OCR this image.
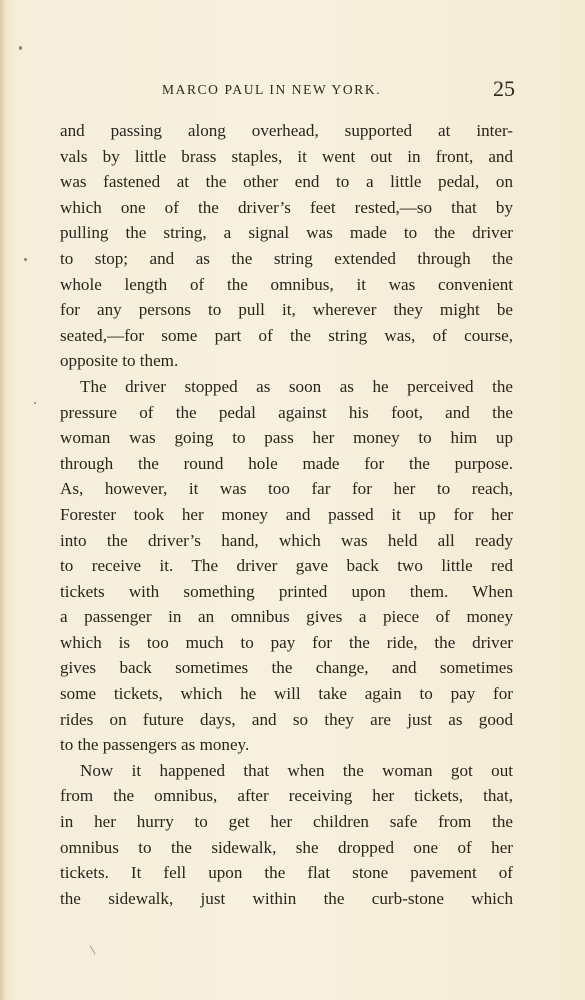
MARCO PAUL IN NEW YORK.	25
and passing along overhead, supported at inter-
vals by little brass staples, it went out in front, and
was fastened at the other end to a little pedal, on
which one of the driver’s feet rested,—so that by
pulling the string, a signal was made to the driver
to stop; and as the string extended through the
whole length of the omnibus, it was convenient
for any persons to pull it, wherever they might be
seated,—for some part of the string was, of course,
opposite to them.
The driver stopped as soon as he perceived the
pressure of the pedal against his foot, and the
woman was going to pass her money to him up
through the round hole made for the purpose.
As, however, it was too far for her to reach,
Forester took her money and passed it up for her
into the driver’s hand, which was held all ready
to receive it. The driver gave back two little red
tickets with something printed upon them. When
a passenger in an omnibus gives a piece of money
which is too much to pay for the ride, the driver
gives back sometimes the change, and sometimes
some tickets, which he will take again to pay for
rides on future days, and so they are just as good
to the passengers as money.
Now it happened that when the woman got out
from the omnibus, after receiving her tickets, that,
in her hurry to get her children safe from the
omnibus to the sidewalk, she dropped one of her
tickets. It fell upon the flat stone pavement of
the sidewalk, just within the curb-stone which
